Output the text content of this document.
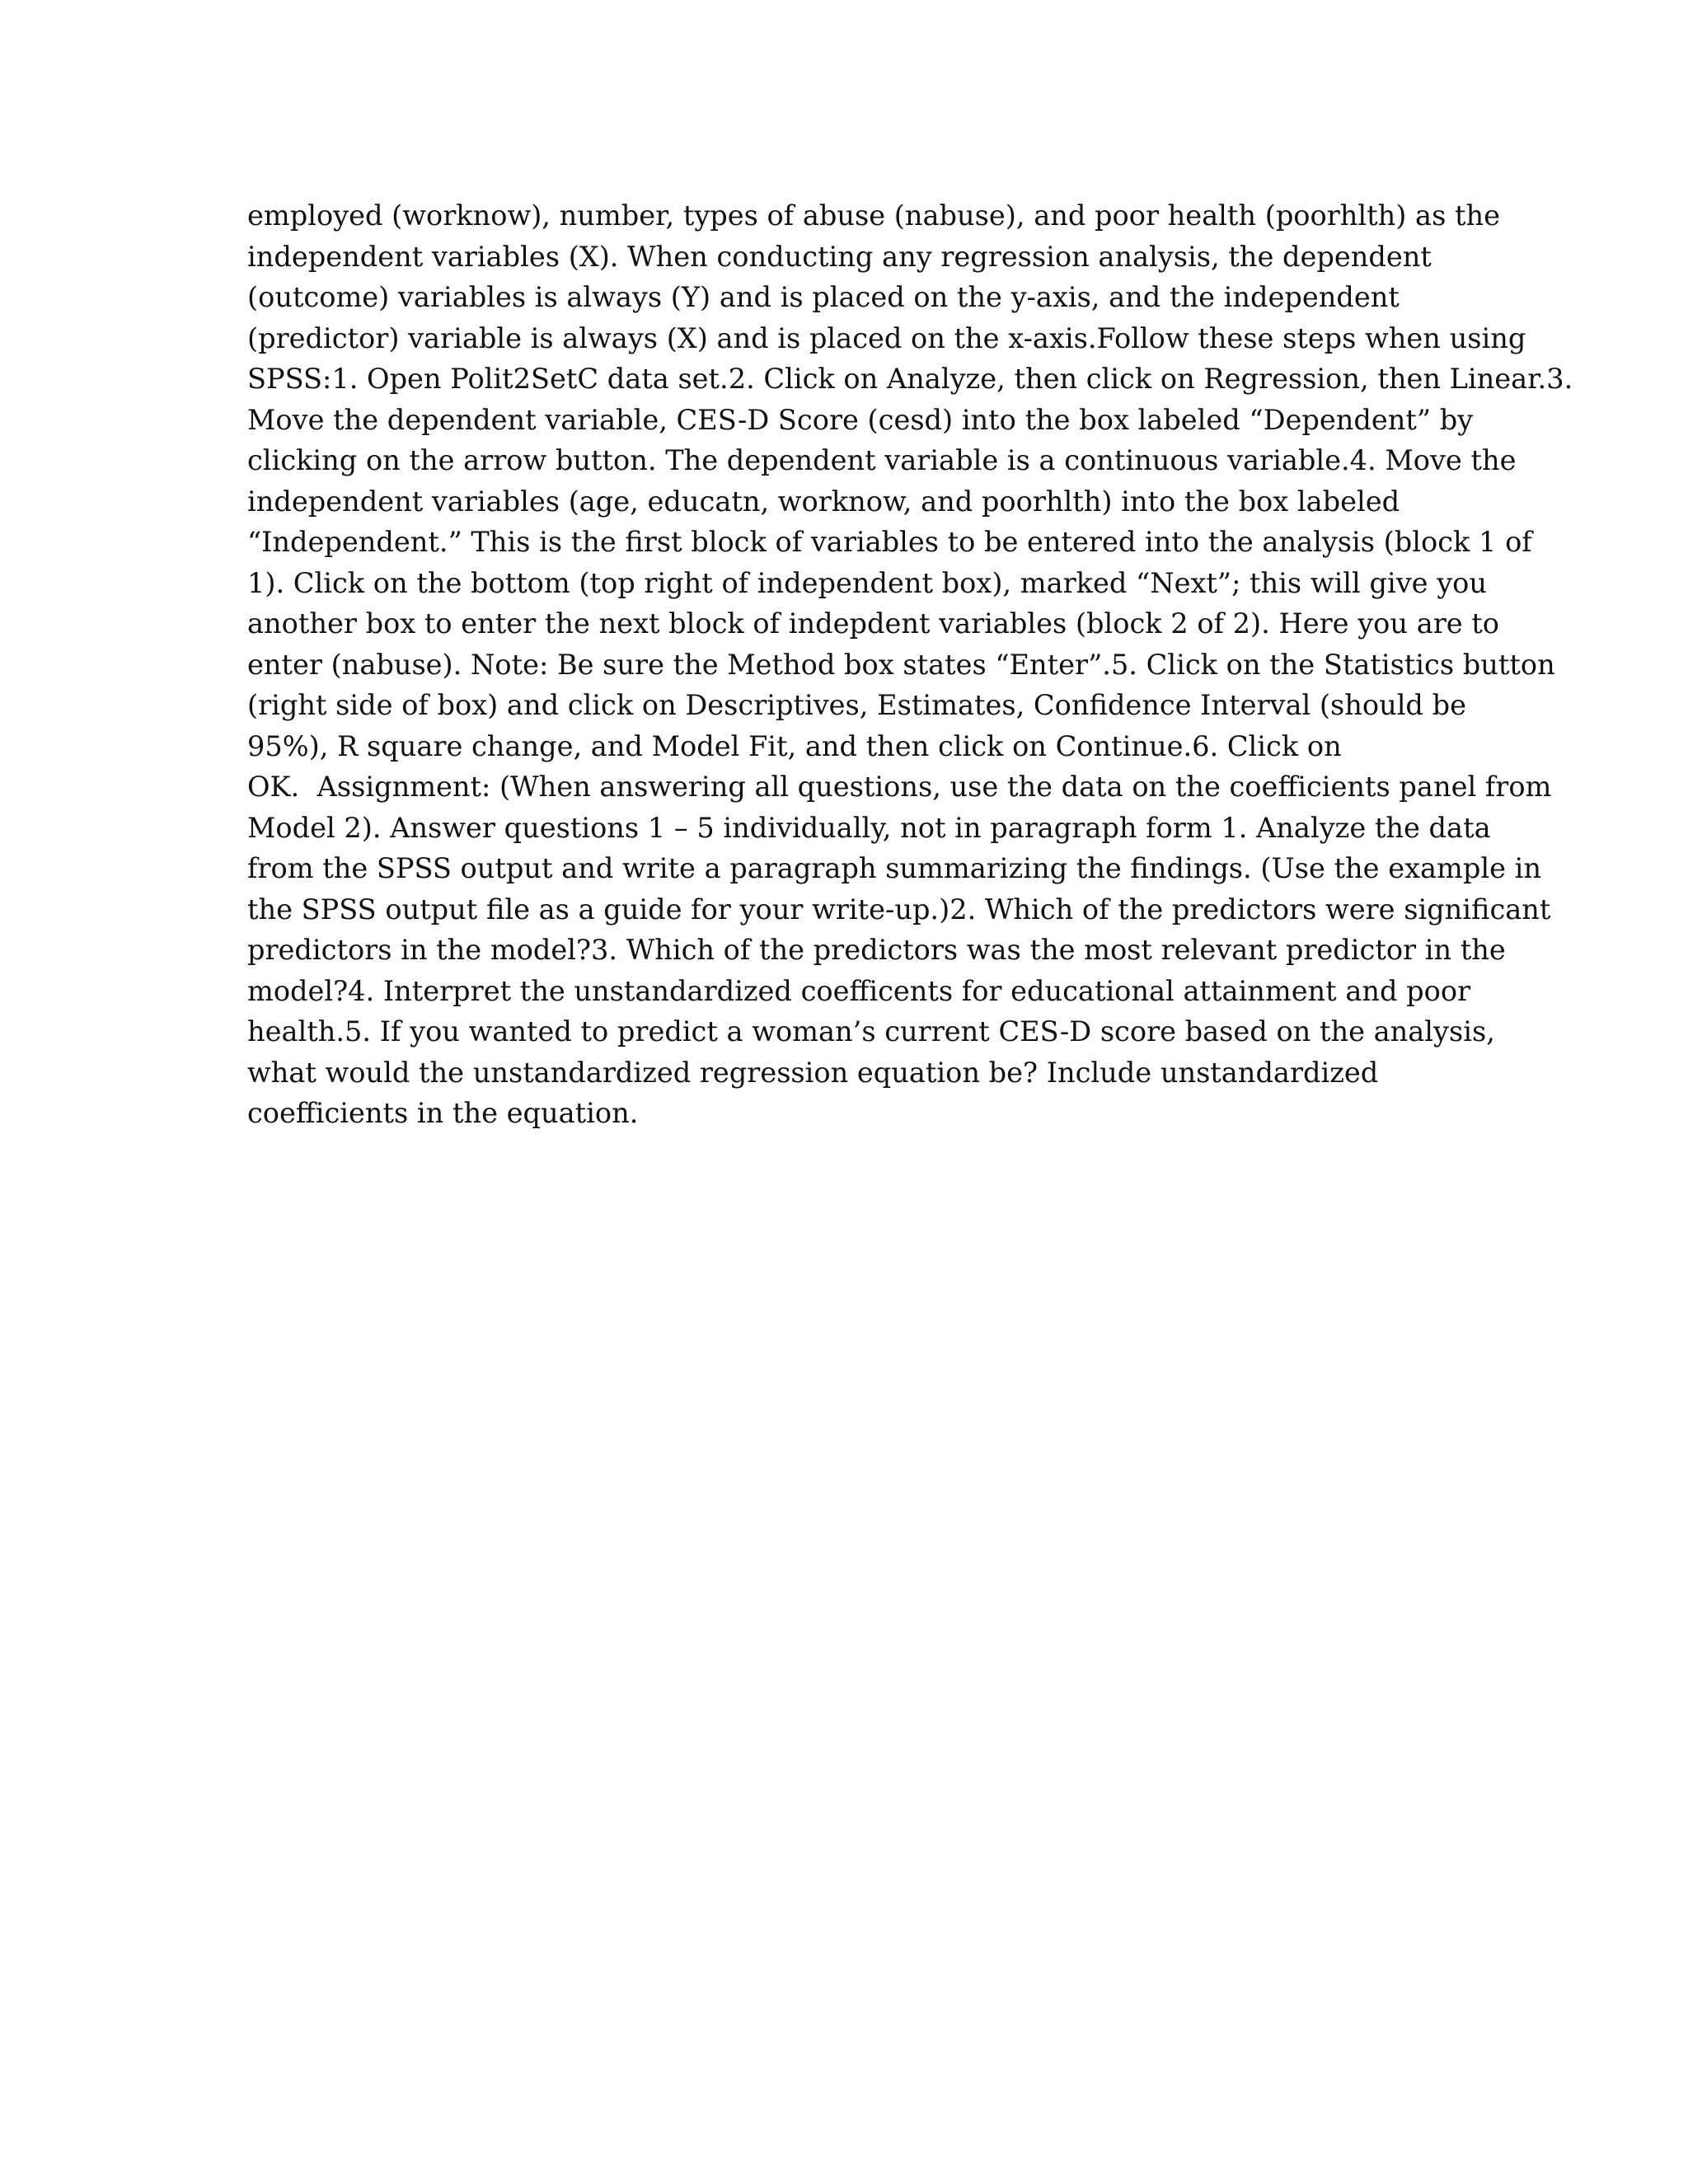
employed (worknow), number, types of abuse (nabuse), and poor health (poorhlth) as the
independent variables (X). When conducting any regression analysis, the dependent
(outcome) variables is always (Y) and is placed on the y-axis, and the independent
(predictor) variable is always (X) and is placed on the x-axis.Follow these steps when using
SPSS:1. Open Polit2SetC data set.2. Click on Analyze, then click on Regression, then Linear.3.
Move the dependent variable, CES-D Score (cesd) into the box labeled “Dependent” by
clicking on the arrow button. The dependent variable is a continuous variable.4. Move the
independent variables (age, educatn, worknow, and poorhlth) into the box labeled
“Independent.” This is the first block of variables to be entered into the analysis (block 1 of
1). Click on the bottom (top right of independent box), marked “Next”; this will give you
another box to enter the next block of indepdent variables (block 2 of 2). Here you are to
enter (nabuse). Note: Be sure the Method box states “Enter”.5. Click on the Statistics button
(right side of box) and click on Descriptives, Estimates, Confidence Interval (should be
95%), R square change, and Model Fit, and then click on Continue.6. Click on
OK.  Assignment: (When answering all questions, use the data on the coefficients panel from
Model 2). Answer questions 1 – 5 individually, not in paragraph form 1. Analyze the data
from the SPSS output and write a paragraph summarizing the findings. (Use the example in
the SPSS output file as a guide for your write-up.)2. Which of the predictors were significant
predictors in the model?3. Which of the predictors was the most relevant predictor in the
model?4. Interpret the unstandardized coefficents for educational attainment and poor
health.5. If you wanted to predict a woman’s current CES-D score based on the analysis,
what would the unstandardized regression equation be? Include unstandardized
coefficients in the equation.
